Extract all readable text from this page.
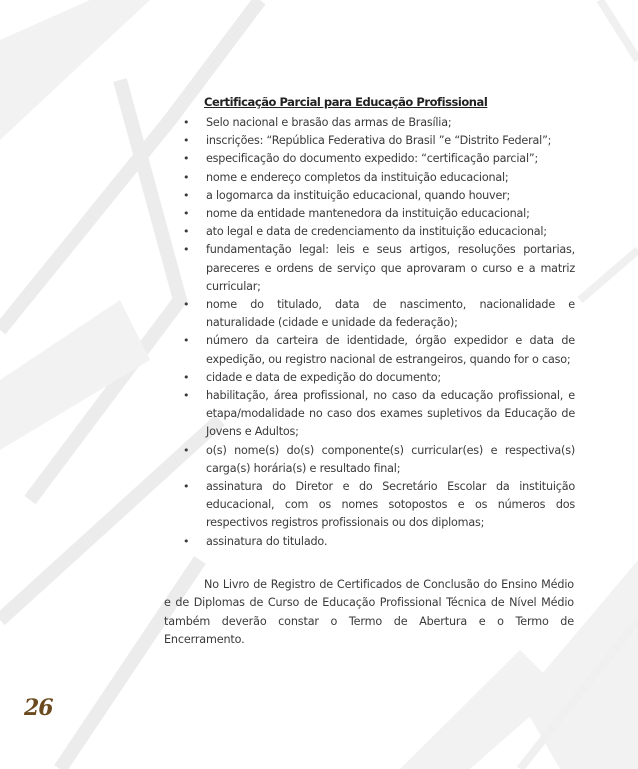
Certificação Parcial para Educação Profissional
• Selo nacional e brasão das armas de Brasília;
• inscrições: “República Federativa do Brasil ”e “Distrito Federal”;
• especificação do documento expedido: “certificação parcial”;
• nome e endereço completos da instituição educacional;
• a logomarca da instituição educacional, quando houver;
• nome da entidade mantenedora da instituição educacional;
• ato legal e data de credenciamento da instituição educacional;
• fundamentação legal: leis e seus artigos, resoluções portarias, pareceres e ordens de serviço que aprovaram o curso e a matriz curricular;
• nome do titulado, data de nascimento, nacionalidade e naturalidade (cidade e unidade da federação);
• número da carteira de identidade, órgão expedidor e data de expedição, ou registro nacional de estrangeiros, quando for o caso;
• cidade e data de expedição do documento;
• habilitação, área profissional, no caso da educação profissional, e etapa/modalidade no caso dos exames supletivos da Educação de Jovens e Adultos;
• o(s) nome(s) do(s) componente(s) curricular(es) e respectiva(s) carga(s) horária(s) e resultado final;
• assinatura do Diretor e do Secretário Escolar da instituição educacional, com os nomes sotopostos e os números dos respectivos registros profissionais ou dos diplomas;
• assinatura do titulado.

No Livro de Registro de Certificados de Conclusão do Ensino Médio e de Diplomas de Curso de Educação Profissional Técnica de Nível Médio também deverão constar o Termo de Abertura e o Termo de Encerramento.

26
